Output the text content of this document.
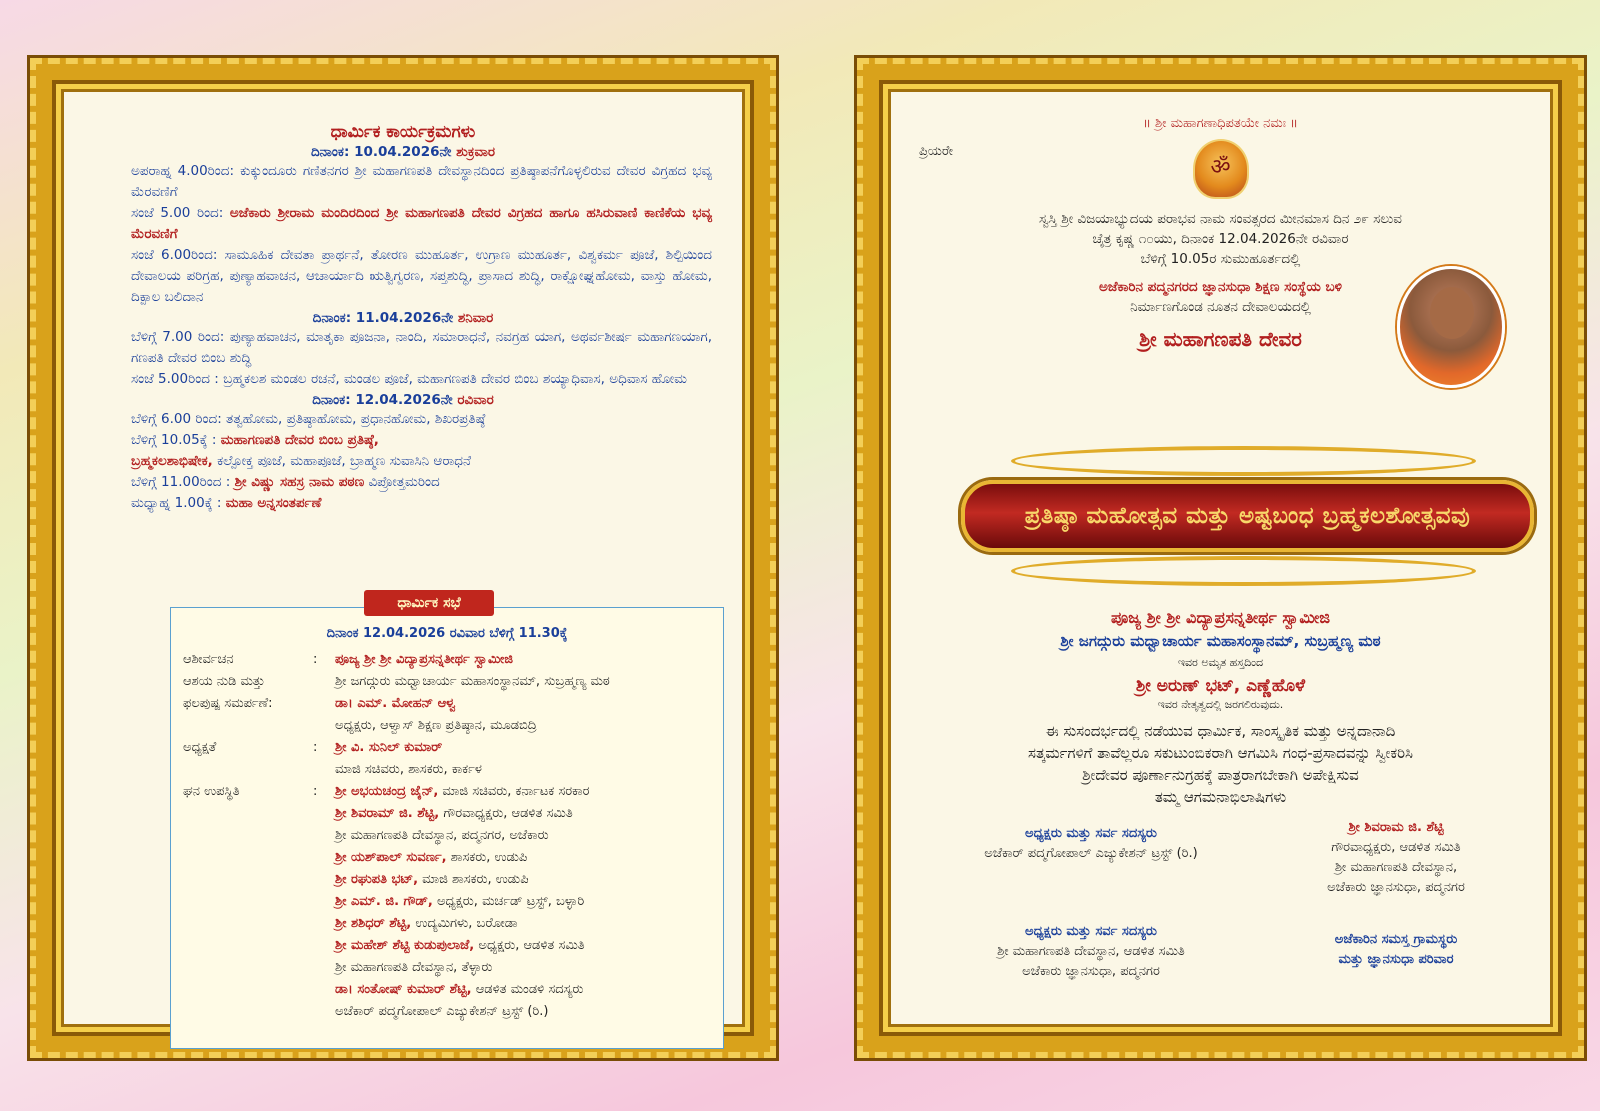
ಧಾರ್ಮಿಕ ಕಾರ್ಯಕ್ರಮಗಳು
ದಿನಾಂಕ: 10.04.2026ನೇ ಶುಕ್ರವಾರ
ಅಪರಾಹ್ನ 4.00ರಿಂದ: ಕುಕ್ಕುಂದೂರು ಗಣಿತನಗರ ಶ್ರೀ ಮಹಾಗಣಪತಿ ದೇವಸ್ಥಾನದಿಂದ ಪ್ರತಿಷ್ಠಾಪನೆಗೊಳ್ಳಲಿರುವ ದೇವರ ವಿಗ್ರಹದ ಭವ್ಯ ಮೆರವಣಿಗೆ
ಸಂಜೆ 5.00 ರಿಂದ: ಅಜೆಕಾರು ಶ್ರೀರಾಮ ಮಂದಿರದಿಂದ ಶ್ರೀ ಮಹಾಗಣಪತಿ ದೇವರ ವಿಗ್ರಹದ ಹಾಗೂ ಹಸಿರುವಾಣಿ ಕಾಣಿಕೆಯ ಭವ್ಯ ಮೆರವಣಿಗೆ
ಸಂಜೆ 6.00ರಿಂದ: ಸಾಮೂಹಿಕ ದೇವತಾ ಪ್ರಾರ್ಥನೆ, ತೋರಣ ಮುಹೂರ್ತ, ಉಗ್ರಾಣ ಮುಹೂರ್ತ, ವಿಶ್ವಕರ್ಮ ಪೂಜೆ, ಶಿಲ್ಪಿಯಿಂದ ದೇವಾಲಯ ಪರಿಗ್ರಹ, ಪುಣ್ಯಾಹವಾಚನ, ಆಚಾರ್ಯಾದಿ ಋತ್ವಿಗ್ವರಣ, ಸಪ್ತಶುದ್ಧಿ, ಪ್ರಾಸಾದ ಶುದ್ಧಿ, ರಾಕ್ಷೋಘ್ನಹೋಮ, ವಾಸ್ತು ಹೋಮ, ದಿಕ್ಪಾಲ ಬಲಿದಾನ
ದಿನಾಂಕ: 11.04.2026ನೇ ಶನಿವಾರ
ಬೆಳಿಗ್ಗೆ 7.00 ರಿಂದ: ಪುಣ್ಯಾಹವಾಚನ, ಮಾತೃಕಾ ಪೂಜನಾ, ನಾಂದಿ, ಸಮಾರಾಧನೆ, ನವಗ್ರಹ ಯಾಗ, ಅಥರ್ವಶೀರ್ಷ ಮಹಾಗಣಯಾಗ, ಗಣಪತಿ ದೇವರ ಬಿಂಬ ಶುದ್ಧಿ
ಸಂಜೆ 5.00ರಿಂದ : ಬ್ರಹ್ಮಕಲಶ ಮಂಡಲ ರಚನೆ, ಮಂಡಲ ಪೂಜೆ, ಮಹಾಗಣಪತಿ ದೇವರ ಬಿಂಬ ಶಯ್ಯಾಧಿವಾಸ, ಅಧಿವಾಸ ಹೋಮ
ದಿನಾಂಕ: 12.04.2026ನೇ ರವಿವಾರ
ಬೆಳಿಗ್ಗೆ 6.00 ರಿಂದ: ತತ್ವಹೋಮ, ಪ್ರತಿಷ್ಠಾಹೋಮ, ಪ್ರಧಾನಹೋಮ, ಶಿಖರಪ್ರತಿಷ್ಠೆ
ಬೆಳಿಗ್ಗೆ 10.05ಕ್ಕೆ : ಮಹಾಗಣಪತಿ ದೇವರ ಬಿಂಬ ಪ್ರತಿಷ್ಠೆ,
ಬ್ರಹ್ಮಕಲಶಾಭಿಷೇಕ, ಕಲ್ಪೋಕ್ತ ಪೂಜೆ, ಮಹಾಪೂಜೆ, ಬ್ರಾಹ್ಮಣ ಸುವಾಸಿನಿ ಆರಾಧನೆ
ಬೆಳಿಗ್ಗೆ 11.00ರಿಂದ : ಶ್ರೀ ವಿಷ್ಣು ಸಹಸ್ರ ನಾಮ ಪಠಣ ವಿಪ್ರೋತ್ತಮರಿಂದ
ಮಧ್ಯಾಹ್ನ 1.00ಕ್ಕೆ : ಮಹಾ ಅನ್ನಸಂತರ್ಪಣೆ
ದಿನಾಂಕ 12.04.2026 ರವಿವಾರ ಬೆಳಿಗ್ಗೆ 11.30ಕ್ಕೆ
ಆಶೀರ್ವಚನ	:	ಪೂಜ್ಯ ಶ್ರೀ ಶ್ರೀ ವಿದ್ಯಾಪ್ರಸನ್ನತೀರ್ಥ ಸ್ವಾಮೀಜಿ
ಆಶಯ ನುಡಿ ಮತ್ತು	ಶ್ರೀ ಜಗದ್ಗುರು ಮಧ್ವಾಚಾರ್ಯ ಮಹಾಸಂಸ್ಥಾನಮ್, ಸುಬ್ರಹ್ಮಣ್ಯ ಮಠ
ಫಲಪುಷ್ಪ ಸಮರ್ಪಣೆ:	ಡಾ। ಎಮ್. ಮೋಹನ್ ಆಳ್ವ
ಅಧ್ಯಕ್ಷರು, ಆಳ್ವಾಸ್ ಶಿಕ್ಷಣ ಪ್ರತಿಷ್ಠಾನ, ಮೂಡಬಿದ್ರಿ
ಅಧ್ಯಕ್ಷತೆ	:	ಶ್ರೀ ವಿ. ಸುನಿಲ್ ಕುಮಾರ್
ಮಾಜಿ ಸಚಿವರು, ಶಾಸಕರು, ಕಾರ್ಕಳ
ಘನ ಉಪಸ್ಥಿತಿ	:	ಶ್ರೀ ಅಭಯಚಂದ್ರ ಜೈನ್, ಮಾಜಿ ಸಚಿವರು, ಕರ್ನಾಟಕ ಸರಕಾರ
ಶ್ರೀ ಶಿವರಾಮ್ ಜಿ. ಶೆಟ್ಟಿ, ಗೌರವಾಧ್ಯಕ್ಷರು, ಆಡಳಿತ ಸಮಿತಿ
ಶ್ರೀ ಮಹಾಗಣಪತಿ ದೇವಸ್ಥಾನ, ಪದ್ಮನಗರ, ಅಜೆಕಾರು
ಶ್ರೀ ಯಶ್‌ಪಾಲ್ ಸುವರ್ಣ, ಶಾಸಕರು, ಉಡುಪಿ
ಶ್ರೀ ರಘುಪತಿ ಭಟ್, ಮಾಜಿ ಶಾಸಕರು, ಉಡುಪಿ
ಶ್ರೀ ಎಮ್. ಜಿ. ಗೌಡ್, ಅಧ್ಯಕ್ಷರು, ಮರ್ಚಡ್ ಟ್ರಸ್ಟ್, ಬಳ್ಳಾರಿ
ಶ್ರೀ ಶಶಿಧರ್ ಶೆಟ್ಟಿ, ಉದ್ಯಮಿಗಳು, ಬರೋಡಾ
ಶ್ರೀ ಮಹೇಶ್ ಶೆಟ್ಟಿ ಕುಡುಪುಲಾಜೆ, ಅಧ್ಯಕ್ಷರು, ಆಡಳಿತ ಸಮಿತಿ
ಶ್ರೀ ಮಹಾಗಣಪತಿ ದೇವಸ್ಥಾನ, ತೆಳ್ಳಾರು
ಡಾ। ಸಂತೋಷ್ ಕುಮಾರ್ ಶೆಟ್ಟಿ, ಆಡಳಿತ ಮಂಡಳಿ ಸದಸ್ಯರು
ಅಜೆಕಾರ್ ಪದ್ಮಗೋಪಾಲ್ ಎಜ್ಯುಕೇಶನ್ ಟ್ರಸ್ಟ್ (ರಿ.)
ಧಾರ್ಮಿಕ ಸಭೆ
॥ ಶ್ರೀ ಮಹಾಗಣಾಧಿಪತಯೇ ನಮಃ ॥
ಪ್ರಿಯರೇ
ॐ
ಸ್ವಸ್ತಿ ಶ್ರೀ ವಿಜಯಾಭ್ಯುದಯ ಪರಾಭವ ನಾಮ ಸಂವತ್ಸರದ ಮೀನಮಾಸ ದಿನ ೨೯ ಸಲುವ
ಚೈತ್ರ ಕೃಷ್ಣ ೧೦ಯು, ದಿನಾಂಕ 12.04.2026ನೇ ರವಿವಾರ
ಬೆಳಿಗ್ಗೆ 10.05ರ ಸುಮುಹೂರ್ತದಲ್ಲಿ
ಅಜೆಕಾರಿನ ಪದ್ಮನಗರದ ಜ್ಞಾನಸುಧಾ ಶಿಕ್ಷಣ ಸಂಸ್ಥೆಯ ಬಳಿ
ನಿರ್ಮಾಣಗೊಂಡ ನೂತನ ದೇವಾಲಯದಲ್ಲಿ
ಶ್ರೀ ಮಹಾಗಣಪತಿ ದೇವರ
ಪ್ರತಿಷ್ಠಾ ಮಹೋತ್ಸವ ಮತ್ತು ಅಷ್ಟಬಂಧ ಬ್ರಹ್ಮಕಲಶೋತ್ಸವವು
ಪೂಜ್ಯ ಶ್ರೀ ಶ್ರೀ ವಿದ್ಯಾಪ್ರಸನ್ನತೀರ್ಥ ಸ್ವಾಮೀಜಿ
ಶ್ರೀ ಜಗದ್ಗುರು ಮಧ್ವಾಚಾರ್ಯ ಮಹಾಸಂಸ್ಥಾನಮ್, ಸುಬ್ರಹ್ಮಣ್ಯ ಮಠ
ಇವರ ಅಮೃತ ಹಸ್ತದಿಂದ
ಶ್ರೀ ಅರುಣ್ ಭಟ್, ಎಣ್ಣೆಹೊಳೆ
ಇವರ ನೇತೃತ್ವದಲ್ಲಿ ಜರಗಲಿರುವುದು.
ಈ ಸುಸಂದರ್ಭದಲ್ಲಿ ನಡೆಯುವ ಧಾರ್ಮಿಕ, ಸಾಂಸ್ಕೃತಿಕ ಮತ್ತು ಅನ್ನದಾನಾದಿ
ಸತ್ಕರ್ಮಗಳಿಗೆ ತಾವೆಲ್ಲರೂ ಸಕುಟುಂಬಿಕರಾಗಿ ಆಗಮಿಸಿ ಗಂಧ-ಪ್ರಸಾದವನ್ನು ಸ್ವೀಕರಿಸಿ
ಶ್ರೀದೇವರ ಪೂರ್ಣಾನುಗ್ರಹಕ್ಕೆ ಪಾತ್ರರಾಗಬೇಕಾಗಿ ಅಪೇಕ್ಷಿಸುವ
ತಮ್ಮ ಆಗಮನಾಭಿಲಾಷಿಗಳು
ಅಧ್ಯಕ್ಷರು ಮತ್ತು ಸರ್ವ ಸದಸ್ಯರು
ಅಜೆಕಾರ್ ಪದ್ಮಗೋಪಾಲ್ ಎಜ್ಯುಕೇಶನ್ ಟ್ರಸ್ಟ್ (ರಿ.)
ಶ್ರೀ ಶಿವರಾಮ ಜಿ. ಶೆಟ್ಟಿ
ಗೌರವಾಧ್ಯಕ್ಷರು, ಆಡಳಿತ ಸಮಿತಿ
ಶ್ರೀ ಮಹಾಗಣಪತಿ ದೇವಸ್ಥಾನ,
ಅಜೆಕಾರು ಜ್ಞಾನಸುಧಾ, ಪದ್ಮನಗರ
ಅಧ್ಯಕ್ಷರು ಮತ್ತು ಸರ್ವ ಸದಸ್ಯರು
ಶ್ರೀ ಮಹಾಗಣಪತಿ ದೇವಸ್ಥಾನ, ಆಡಳಿತ ಸಮಿತಿ
ಅಜೆಕಾರು ಜ್ಞಾನಸುಧಾ, ಪದ್ಮನಗರ
ಅಜೆಕಾರಿನ ಸಮಸ್ತ ಗ್ರಾಮಸ್ಥರು
ಮತ್ತು ಜ್ಞಾನಸುಧಾ ಪರಿವಾರ
